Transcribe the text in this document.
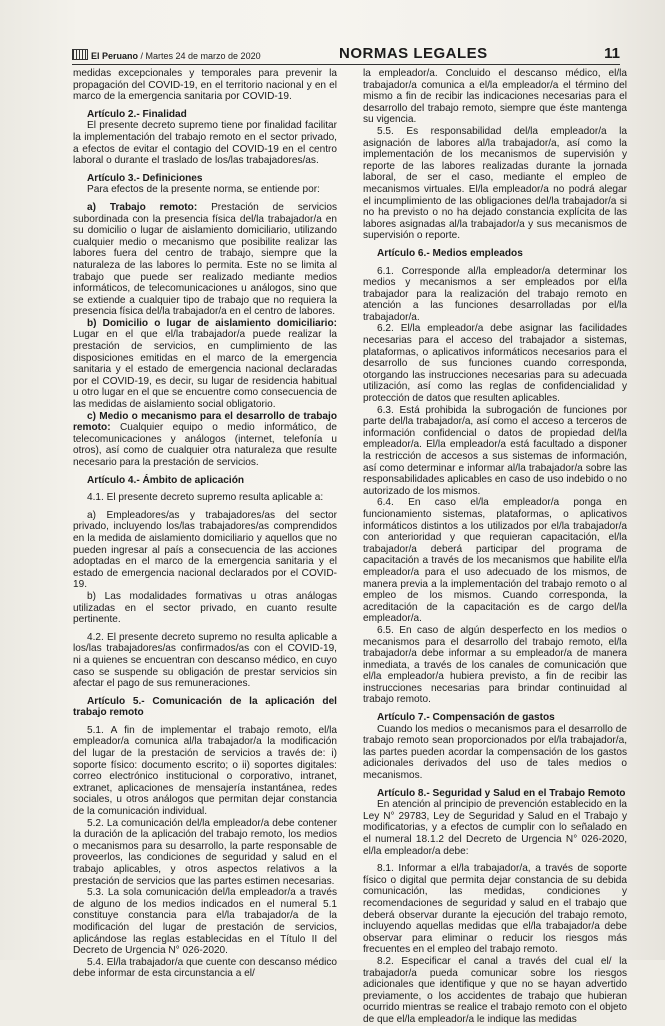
El Peruano / Martes 24 de marzo de 2020	NORMAS LEGALES	11

medidas excepcionales y temporales para prevenir la propagación del COVID-19, en el territorio nacional y en el marco de la emergencia sanitaria por COVID-19.

Artículo 2.- Finalidad

El presente decreto supremo tiene por finalidad facilitar la implementación del trabajo remoto en el sector privado, a efectos de evitar el contagio del COVID-19 en el centro laboral o durante el traslado de los/las trabajadores/as.

Artículo 3.- Definiciones

Para efectos de la presente norma, se entiende por:

a) Trabajo remoto: Prestación de servicios subordinada con la presencia física del/la trabajador/a en su domicilio o lugar de aislamiento domiciliario, utilizando cualquier medio o mecanismo que posibilite realizar las labores fuera del centro de trabajo, siempre que la naturaleza de las labores lo permita. Este no se limita al trabajo que puede ser realizado mediante medios informáticos, de telecomunicaciones u análogos, sino que se extiende a cualquier tipo de trabajo que no requiera la presencia física del/la trabajador/a en el centro de labores.

b) Domicilio o lugar de aislamiento domiciliario: Lugar en el que el/la trabajador/a puede realizar la prestación de servicios, en cumplimiento de las disposiciones emitidas en el marco de la emergencia sanitaria y el estado de emergencia nacional declaradas por el COVID-19, es decir, su lugar de residencia habitual u otro lugar en el que se encuentre como consecuencia de las medidas de aislamiento social obligatorio.

c) Medio o mecanismo para el desarrollo de trabajo remoto: Cualquier equipo o medio informático, de telecomunicaciones y análogos (internet, telefonía u otros), así como de cualquier otra naturaleza que resulte necesario para la prestación de servicios.

Artículo 4.- Ámbito de aplicación

4.1. El presente decreto supremo resulta aplicable a:

a) Empleadores/as y trabajadores/as del sector privado, incluyendo los/las trabajadores/as comprendidos en la medida de aislamiento domiciliario y aquellos que no pueden ingresar al país a consecuencia de las acciones adoptadas en el marco de la emergencia sanitaria y el estado de emergencia nacional declarados por el COVID-19.

b) Las modalidades formativas u otras análogas utilizadas en el sector privado, en cuanto resulte pertinente.

4.2. El presente decreto supremo no resulta aplicable a los/las trabajadores/as confirmados/as con el COVID-19, ni a quienes se encuentran con descanso médico, en cuyo caso se suspende su obligación de prestar servicios sin afectar el pago de sus remuneraciones.

Artículo 5.- Comunicación de la aplicación del trabajo remoto

5.1. A fin de implementar el trabajo remoto, el/la empleador/a comunica al/la trabajador/a la modificación del lugar de la prestación de servicios a través de: i) soporte físico: documento escrito; o ii) soportes digitales: correo electrónico institucional o corporativo, intranet, extranet, aplicaciones de mensajería instantánea, redes sociales, u otros análogos que permitan dejar constancia de la comunicación individual.

5.2. La comunicación del/la empleador/a debe contener la duración de la aplicación del trabajo remoto, los medios o mecanismos para su desarrollo, la parte responsable de proveerlos, las condiciones de seguridad y salud en el trabajo aplicables, y otros aspectos relativos a la prestación de servicios que las partes estimen necesarias.

5.3. La sola comunicación del/la empleador/a a través de alguno de los medios indicados en el numeral 5.1 constituye constancia para el/la trabajador/a de la modificación del lugar de prestación de servicios, aplicándose las reglas establecidas en el Título II del Decreto de Urgencia N° 026-2020.

5.4. El/la trabajador/a que cuente con descanso médico debe informar de esta circunstancia a el/

la empleador/a. Concluido el descanso médico, el/la trabajador/a comunica a el/la empleador/a el término del mismo a fin de recibir las indicaciones necesarias para el desarrollo del trabajo remoto, siempre que éste mantenga su vigencia.

5.5. Es responsabilidad del/la empleador/a la asignación de labores al/la trabajador/a, así como la implementación de los mecanismos de supervisión y reporte de las labores realizadas durante la jornada laboral, de ser el caso, mediante el empleo de mecanismos virtuales. El/la empleador/a no podrá alegar el incumplimiento de las obligaciones del/la trabajador/a si no ha previsto o no ha dejado constancia explícita de las labores asignadas al/la trabajador/a y sus mecanismos de supervisión o reporte.

Artículo 6.- Medios empleados

6.1. Corresponde al/la empleador/a determinar los medios y mecanismos a ser empleados por el/la trabajador para la realización del trabajo remoto en atención a las funciones desarrolladas por el/la trabajador/a.

6.2. El/la empleador/a debe asignar las facilidades necesarias para el acceso del trabajador a sistemas, plataformas, o aplicativos informáticos necesarios para el desarrollo de sus funciones cuando corresponda, otorgando las instrucciones necesarias para su adecuada utilización, así como las reglas de confidencialidad y protección de datos que resulten aplicables.

6.3. Está prohibida la subrogación de funciones por parte del/la trabajador/a, así como el acceso a terceros de información confidencial o datos de propiedad del/la empleador/a. El/la empleador/a está facultado a disponer la restricción de accesos a sus sistemas de información, así como determinar e informar al/la trabajador/a sobre las responsabilidades aplicables en caso de uso indebido o no autorizado de los mismos.

6.4. En caso el/la empleador/a ponga en funcionamiento sistemas, plataformas, o aplicativos informáticos distintos a los utilizados por el/la trabajador/a con anterioridad y que requieran capacitación, el/la trabajador/a deberá participar del programa de capacitación a través de los mecanismos que habilite el/la empleador/a para el uso adecuado de los mismos, de manera previa a la implementación del trabajo remoto o al empleo de los mismos. Cuando corresponda, la acreditación de la capacitación es de cargo del/la empleador/a.

6.5. En caso de algún desperfecto en los medios o mecanismos para el desarrollo del trabajo remoto, el/la trabajador/a debe informar a su empleador/a de manera inmediata, a través de los canales de comunicación que el/la empleador/a hubiera previsto, a fin de recibir las instrucciones necesarias para brindar continuidad al trabajo remoto.

Artículo 7.- Compensación de gastos

Cuando los medios o mecanismos para el desarrollo de trabajo remoto sean proporcionados por el/la trabajador/a, las partes pueden acordar la compensación de los gastos adicionales derivados del uso de tales medios o mecanismos.

Artículo 8.- Seguridad y Salud en el Trabajo Remoto

En atención al principio de prevención establecido en la Ley N° 29783, Ley de Seguridad y Salud en el Trabajo y modificatorias, y a efectos de cumplir con lo señalado en el numeral 18.1.2 del Decreto de Urgencia N° 026-2020, el/la empleador/a debe:

8.1. Informar a el/la trabajador/a, a través de soporte físico o digital que permita dejar constancia de su debida comunicación, las medidas, condiciones y recomendaciones de seguridad y salud en el trabajo que deberá observar durante la ejecución del trabajo remoto, incluyendo aquellas medidas que el/la trabajador/a debe observar para eliminar o reducir los riesgos más frecuentes en el empleo del trabajo remoto.

8.2. Especificar el canal a través del cual el/ la trabajador/a pueda comunicar sobre los riesgos adicionales que identifique y que no se hayan advertido previamente, o los accidentes de trabajo que hubieran ocurrido mientras se realice el trabajo remoto con el objeto de que el/la empleador/a le indique las medidas
